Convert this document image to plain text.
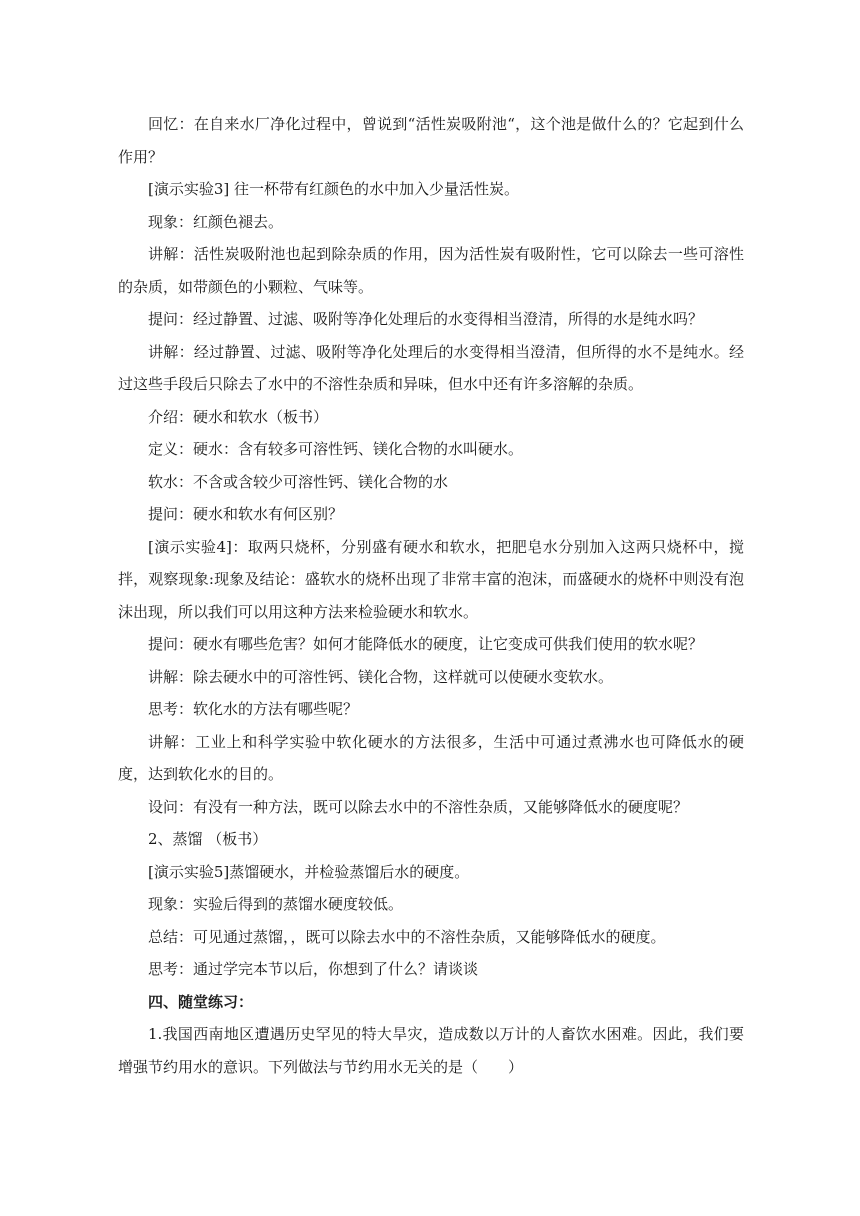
回忆：在自来水厂净化过程中，曾说到“活性炭吸附池“，这个池是做什么的？它起到什么作用？

[演示实验3] 往一杯带有红颜色的水中加入少量活性炭。

现象：红颜色褪去。

讲解：活性炭吸附池也起到除杂质的作用，因为活性炭有吸附性，它可以除去一些可溶性的杂质，如带颜色的小颗粒、气味等。

提问：经过静置、过滤、吸附等净化处理后的水变得相当澄清，所得的水是纯水吗？

讲解：经过静置、过滤、吸附等净化处理后的水变得相当澄清，但所得的水不是纯水。经过这些手段后只除去了水中的不溶性杂质和异味，但水中还有许多溶解的杂质。

介绍：硬水和软水（板书）

定义：硬水：含有较多可溶性钙、镁化合物的水叫硬水。

软水：不含或含较少可溶性钙、镁化合物的水

提问：硬水和软水有何区别？

[演示实验4]：取两只烧杯，分别盛有硬水和软水，把肥皂水分别加入这两只烧杯中，搅拌，观察现象:现象及结论：盛软水的烧杯出现了非常丰富的泡沫，而盛硬水的烧杯中则没有泡沫出现，所以我们可以用这种方法来检验硬水和软水。

提问：硬水有哪些危害？如何才能降低水的硬度，让它变成可供我们使用的软水呢？

讲解：除去硬水中的可溶性钙、镁化合物，这样就可以使硬水变软水。

思考：软化水的方法有哪些呢？

讲解：工业上和科学实验中软化硬水的方法很多，生活中可通过煮沸水也可降低水的硬度，达到软化水的目的。

设问：有没有一种方法，既可以除去水中的不溶性杂质，又能够降低水的硬度呢？

2、蒸馏 （板书）

[演示实验5]蒸馏硬水，并检验蒸馏后水的硬度。

现象：实验后得到的蒸馏水硬度较低。

总结：可见通过蒸馏，，既可以除去水中的不溶性杂质，又能够降低水的硬度。

思考：通过学完本节以后，你想到了什么？请谈谈

四、随堂练习：

1.我国西南地区遭遇历史罕见的特大旱灾，造成数以万计的人畜饮水困难。因此，我们要增强节约用水的意识。下列做法与节约用水无关的是（　　）
